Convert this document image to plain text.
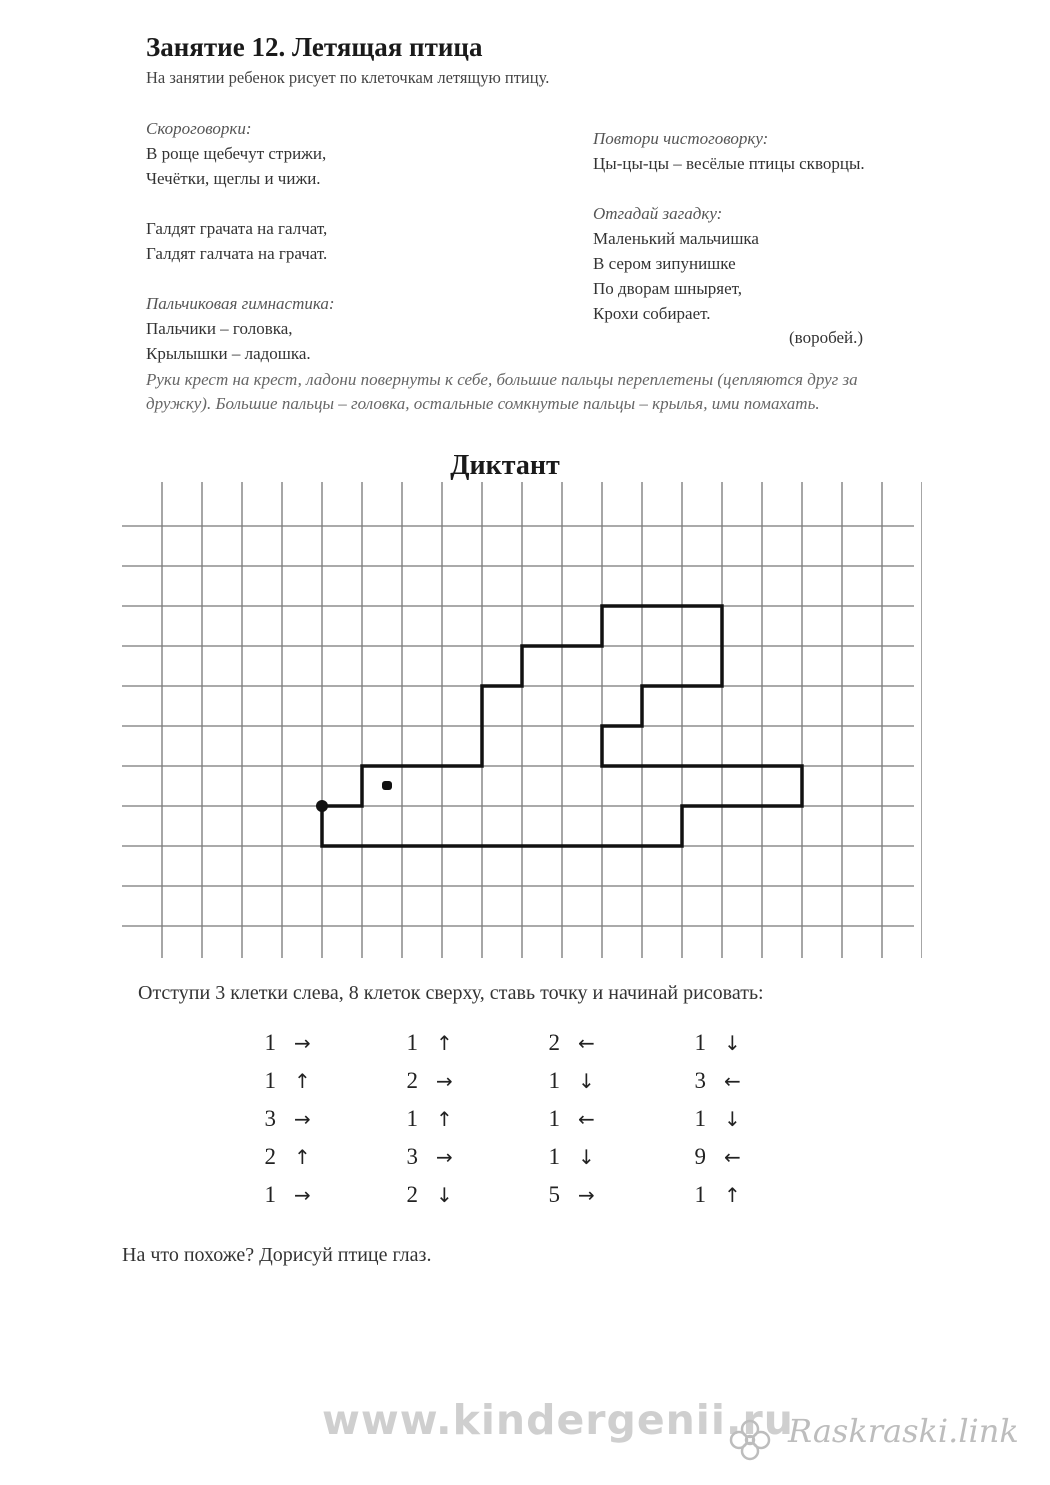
Занятие 12. Летящая птица
На занятии ребенок рисует по клеточкам летящую птицу.
Скороговорки:
В роще щебечут стрижи,
Чечётки, щеглы и чижи.
Галдят грачата на галчат,
Галдят галчата на грачат.
Пальчиковая гимнастика:
Пальчики – головка,
Крылышки – ладошка.
Повтори чистоговорку:
Цы-цы-цы – весёлые птицы скворцы.
Отгадай загадку:
Маленький мальчишка
В сером зипунишке
По дворам шныряет,
Крохи собирает.
(воробей.)
Руки крест на крест, ладони повернуты к себе, большие пальцы переплетены (цепляются друг за дружку). Большие пальцы – головка, остальные сомкнутые пальцы – крылья, ими помахать.
Диктант
Отступи 3 клетки слева, 8 клеток сверху, ставь точку и начинай рисовать:
1 →
1 ↑
3 →
2 ↑
1 →
1 ↑
2 →
1 ↑
3 →
2 ↓
2 ←
1 ↓
1 ←
1 ↓
5 →
1 ↓
3 ←
1 ↓
9 ←
1 ↑
На что похоже? Дорисуй птице глаз.
www.kindergenii.ru
Raskraski.link
